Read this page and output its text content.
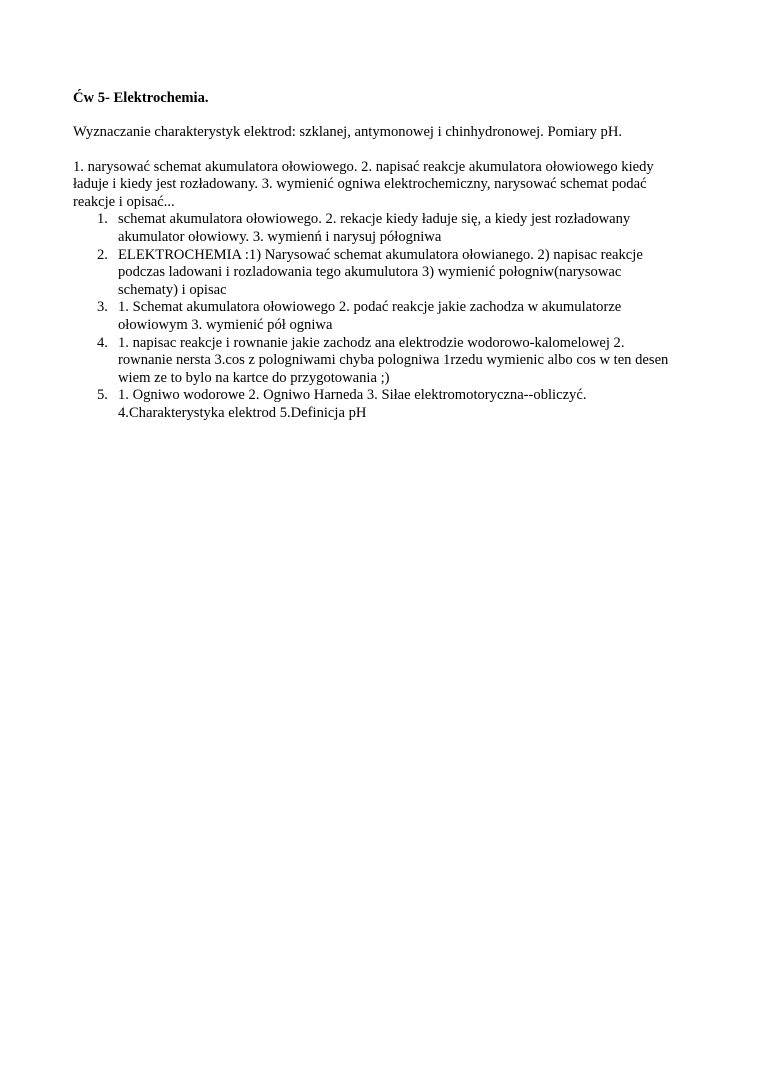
Ćw 5- Elektrochemia.

Wyznaczanie charakterystyk elektrod: szklanej, antymonowej i chinhydronowej. Pomiary pH.

1. narysować schemat akumulatora ołowiowego. 2. napisać reakcje akumulatora ołowiowego kiedy ładuje i kiedy jest rozładowany. 3. wymienić ogniwa elektrochemiczny, narysować schemat podać reakcje i opisać...

1. schemat akumulatora ołowiowego. 2. rekacje kiedy ładuje się, a kiedy jest rozładowany akumulator ołowiowy. 3. wymienń i narysuj półogniwa
2. ELEKTROCHEMIA :1) Narysować schemat akumulatora ołowianego. 2) napisac reakcje podczas ladowani i rozladowania tego akumulutora 3) wymienić połogniw(narysowac schematy) i opisac
3. 1. Schemat akumulatora ołowiowego 2. podać reakcje jakie zachodza w akumulatorze ołowiowym 3. wymienić pół ogniwa
4. 1. napisac reakcje i rownanie jakie zachodz ana elektrodzie wodorowo-kalomelowej 2. rownanie nersta 3.cos z pologniwami chyba pologniwa 1rzedu wymienic albo cos w ten desen wiem ze to bylo na kartce do przygotowania ;)
5. 1. Ogniwo wodorowe 2. Ogniwo Harneda 3. Siłae elektromotoryczna--obliczyć. 4.Charakterystyka elektrod 5.Definicja pH
